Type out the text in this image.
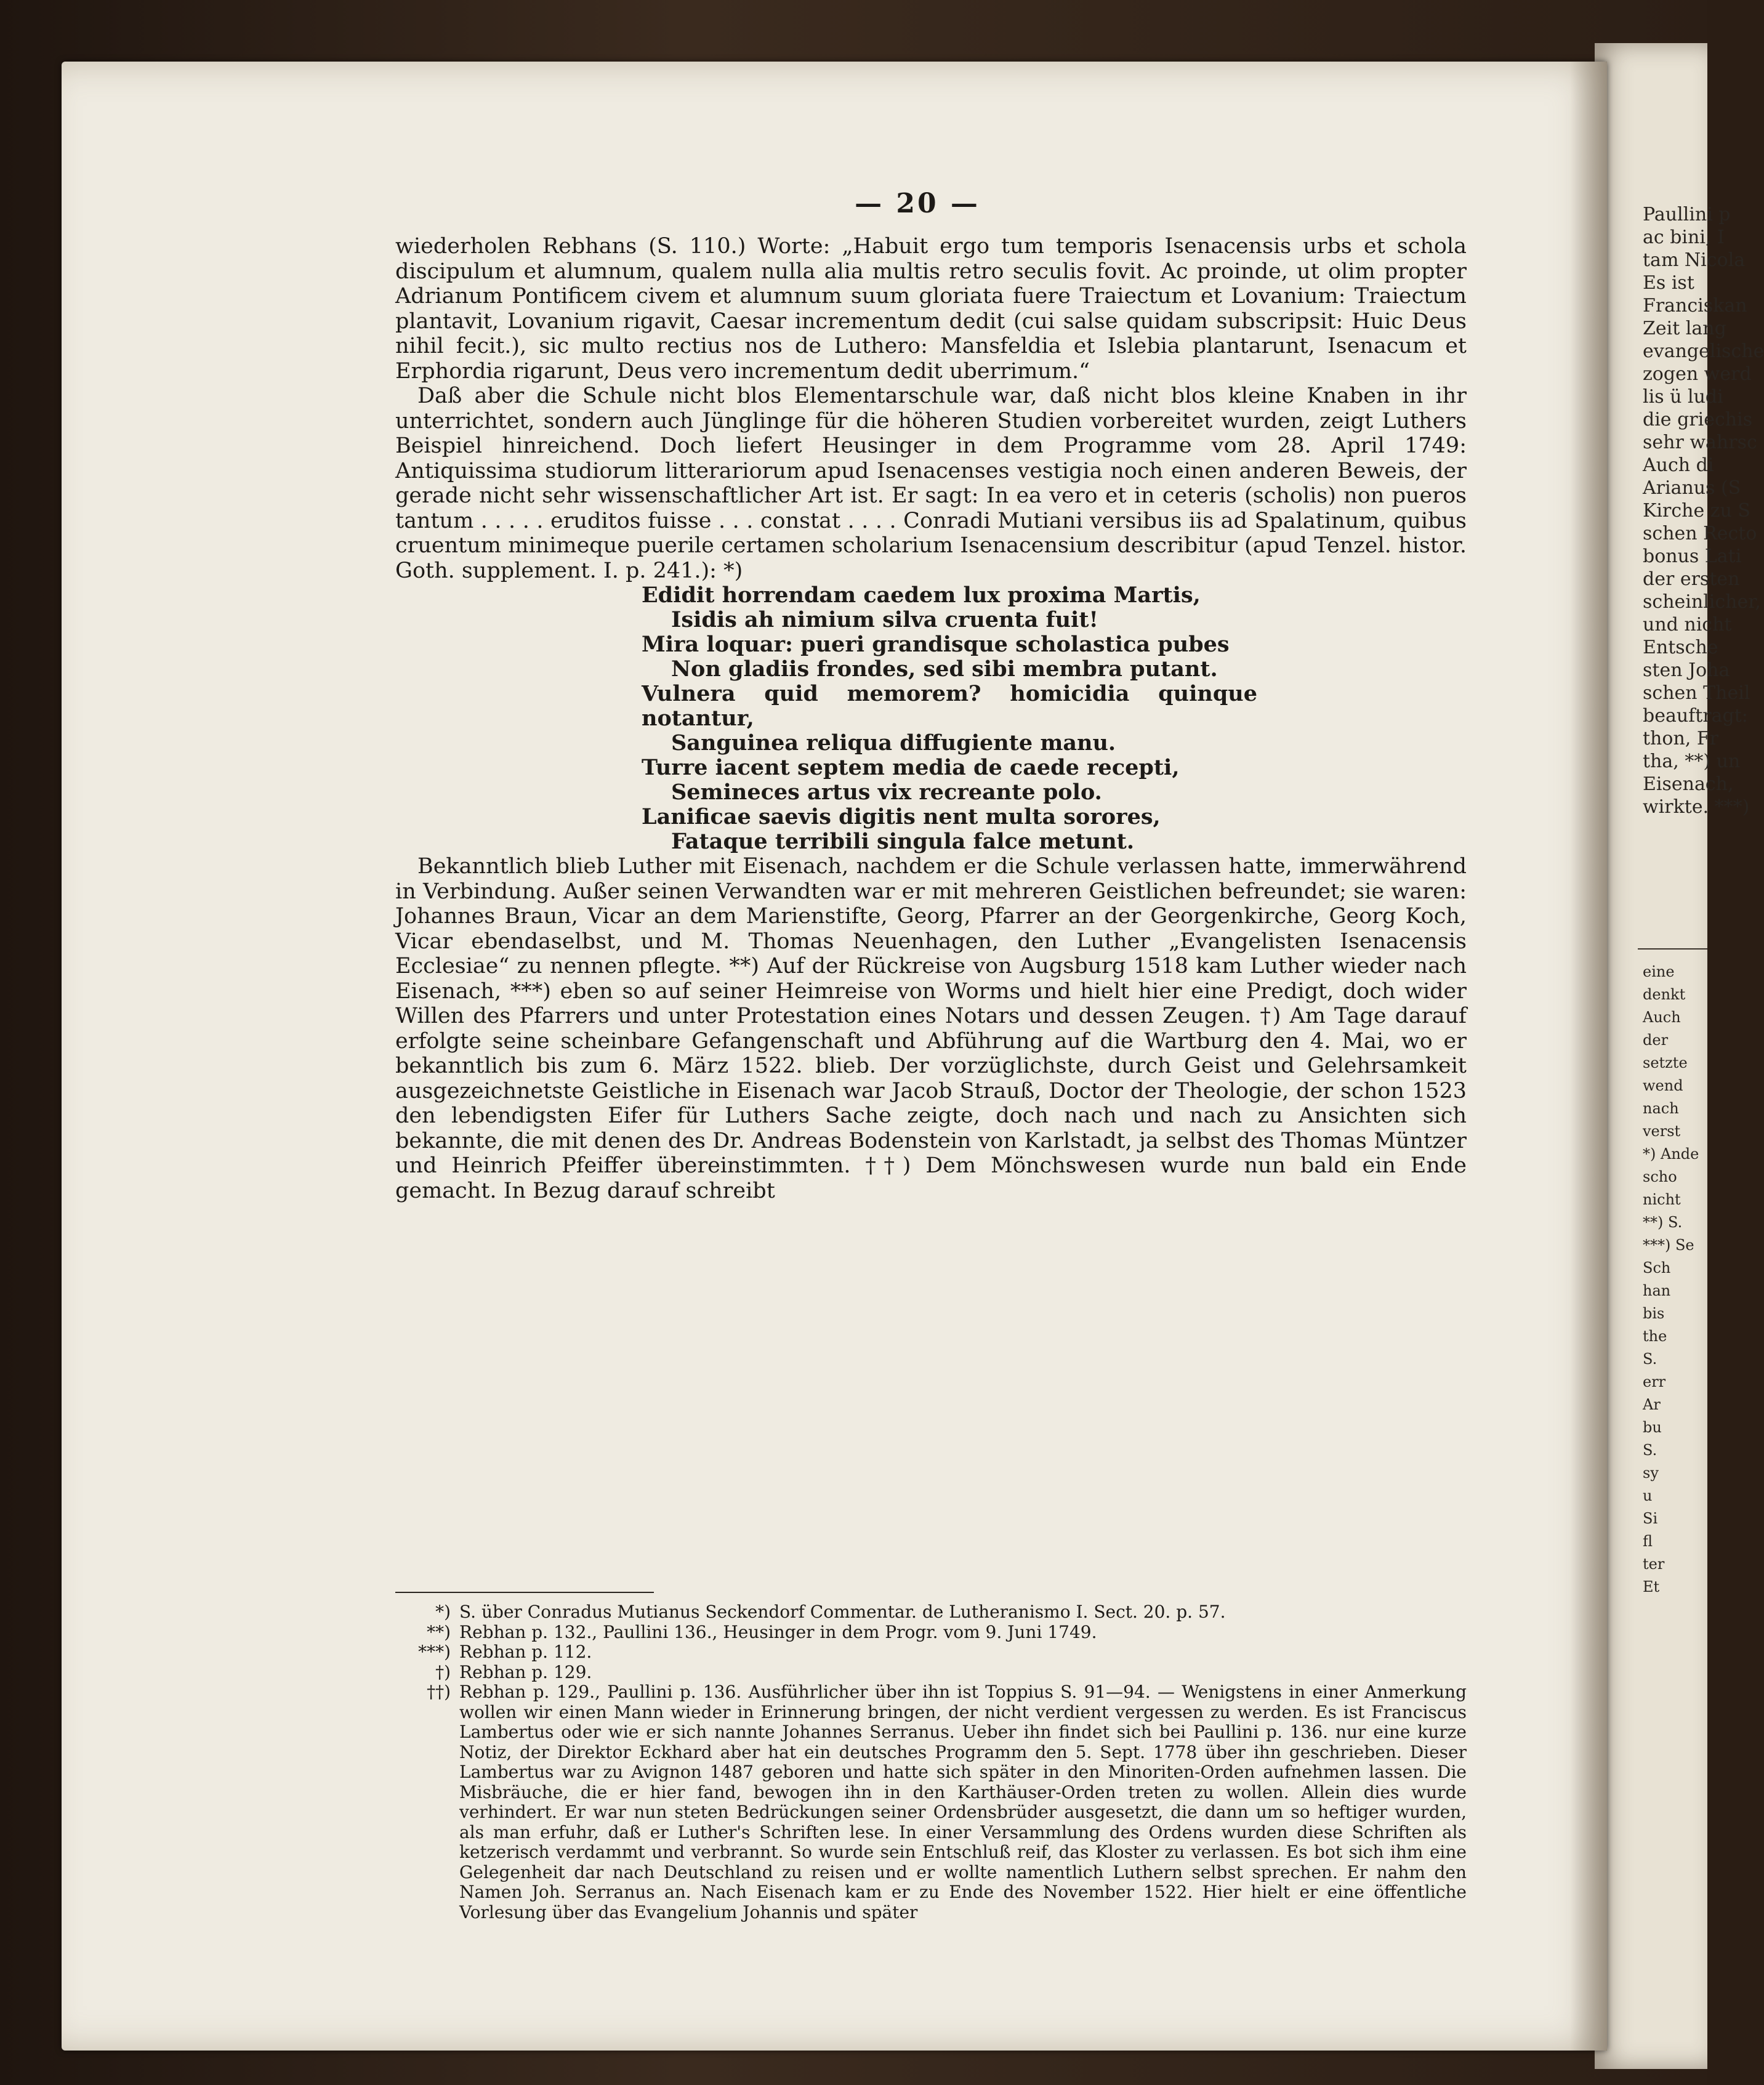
Paullini p
ac bini, I
tam Nicola
Es ist
Franciskan
Zeit lang
evangelische
zogen werd
lis ü ludi
die griechis
sehr wahrsc
Auch di
Arianus (S
Kirche zu S
schen Recto
bonus Lati
der ersten
scheinlicher,
und nicht
Entsche
sten Joha
schen Theil
beauftragt:
thon, Fr
tha, **) un
Eisenach,
wirkte. ***)
eine
denkt
Auch
der
setzte
wend
nach
verst
*) Ande
scho
nicht
**) S.
***) Se
Sch
han
bis
the
S.
err
Ar
bu
S.
sy
u
Si
fl
ter
Et
— 20 —

wiederholen Rebhans (S. 110.) Worte: „Habuit ergo tum temporis Isenacensis urbs et schola discipulum et alumnum, qualem nulla alia multis retro seculis fovit. Ac proinde, ut olim propter Adrianum Pontificem civem et alumnum suum gloriata fuere Traiectum et Lovanium: Traiectum plantavit, Lovanium rigavit, Caesar incrementum dedit (cui salse quidam subscripsit: Huic Deus nihil fecit.), sic multo rectius nos de Luthero: Mansfeldia et Islebia plantarunt, Isenacum et Erphordia rigarunt, Deus vero incrementum dedit uberrimum.“

Daß aber die Schule nicht blos Elementarschule war, daß nicht blos kleine Knaben in ihr unterrichtet, sondern auch Jünglinge für die höheren Studien vorbereitet wurden, zeigt Luthers Beispiel hinreichend. Doch liefert Heusinger in dem Programme vom 28. April 1749: Antiquissima studiorum litterariorum apud Isenacenses vestigia noch einen anderen Beweis, der gerade nicht sehr wissenschaftlicher Art ist. Er sagt: In ea vero et in ceteris (scholis) non pueros tantum . . . . . eruditos fuisse . . . constat . . . . Conradi Mutiani versibus iis ad Spalatinum, quibus cruentum minimeque puerile certamen scholarium Isenacensium describitur (apud Tenzel. histor. Goth. supplement. I. p. 241.): *)

Edidit horrendam caedem lux proxima Martis,
Isidis ah nimium silva cruenta fuit!
Mira loquar: pueri grandisque scholastica pubes
Non gladiis frondes, sed sibi membra putant.
Vulnera quid memorem? homicidia quinque notantur,
Sanguinea reliqua diffugiente manu.
Turre iacent septem media de caede recepti,
Semineces artus vix recreante polo.
Lanificae saevis digitis nent multa sorores,
Fataque terribili singula falce metunt.

Bekanntlich blieb Luther mit Eisenach, nachdem er die Schule verlassen hatte, immerwährend in Verbindung. Außer seinen Verwandten war er mit mehreren Geistlichen befreundet; sie waren: Johannes Braun, Vicar an dem Marienstifte, Georg, Pfarrer an der Georgenkirche, Georg Koch, Vicar ebendaselbst, und M. Thomas Neuenhagen, den Luther „Evangelisten Isenacensis Ecclesiae“ zu nennen pflegte. **) Auf der Rückreise von Augsburg 1518 kam Luther wieder nach Eisenach, ***) eben so auf seiner Heimreise von Worms und hielt hier eine Predigt, doch wider Willen des Pfarrers und unter Protestation eines Notars und dessen Zeugen. †) Am Tage darauf erfolgte seine scheinbare Gefangenschaft und Abführung auf die Wartburg den 4. Mai, wo er bekanntlich bis zum 6. März 1522. blieb. Der vorzüglichste, durch Geist und Gelehrsamkeit ausgezeichnetste Geistliche in Eisenach war Jacob Strauß, Doctor der Theologie, der schon 1523 den lebendigsten Eifer für Luthers Sache zeigte, doch nach und nach zu Ansichten sich bekannte, die mit denen des Dr. Andreas Bodenstein von Karlstadt, ja selbst des Thomas Müntzer und Heinrich Pfeiffer übereinstimmten. ††) Dem Mönchswesen wurde nun bald ein Ende gemacht. In Bezug darauf schreibt

*) S. über Conradus Mutianus Seckendorf Commentar. de Lutheranismo I. Sect. 20. p. 57.
**) Rebhan p. 132., Paullini 136., Heusinger in dem Progr. vom 9. Juni 1749.
***) Rebhan p. 112.
†) Rebhan p. 129.
††) Rebhan p. 129., Paullini p. 136. Ausführlicher über ihn ist Toppius S. 91—94. — Wenigstens in einer Anmerkung wollen wir einen Mann wieder in Erinnerung bringen, der nicht verdient vergessen zu werden. Es ist Franciscus Lambertus oder wie er sich nannte Johannes Serranus. Ueber ihn findet sich bei Paullini p. 136. nur eine kurze Notiz, der Direktor Eckhard aber hat ein deutsches Programm den 5. Sept. 1778 über ihn geschrieben. Dieser Lambertus war zu Avignon 1487 geboren und hatte sich später in den Minoriten-Orden aufnehmen lassen. Die Misbräuche, die er hier fand, bewogen ihn in den Karthäuser-Orden treten zu wollen. Allein dies wurde verhindert. Er war nun steten Bedrückungen seiner Ordensbrüder ausgesetzt, die dann um so heftiger wurden, als man erfuhr, daß er Luther's Schriften lese. In einer Versammlung des Ordens wurden diese Schriften als ketzerisch verdammt und verbrannt. So wurde sein Entschluß reif, das Kloster zu verlassen. Es bot sich ihm eine Gelegenheit dar nach Deutschland zu reisen und er wollte namentlich Luthern selbst sprechen. Er nahm den Namen Joh. Serranus an. Nach Eisenach kam er zu Ende des November 1522. Hier hielt er eine öffentliche Vorlesung über das Evangelium Johannis und später
